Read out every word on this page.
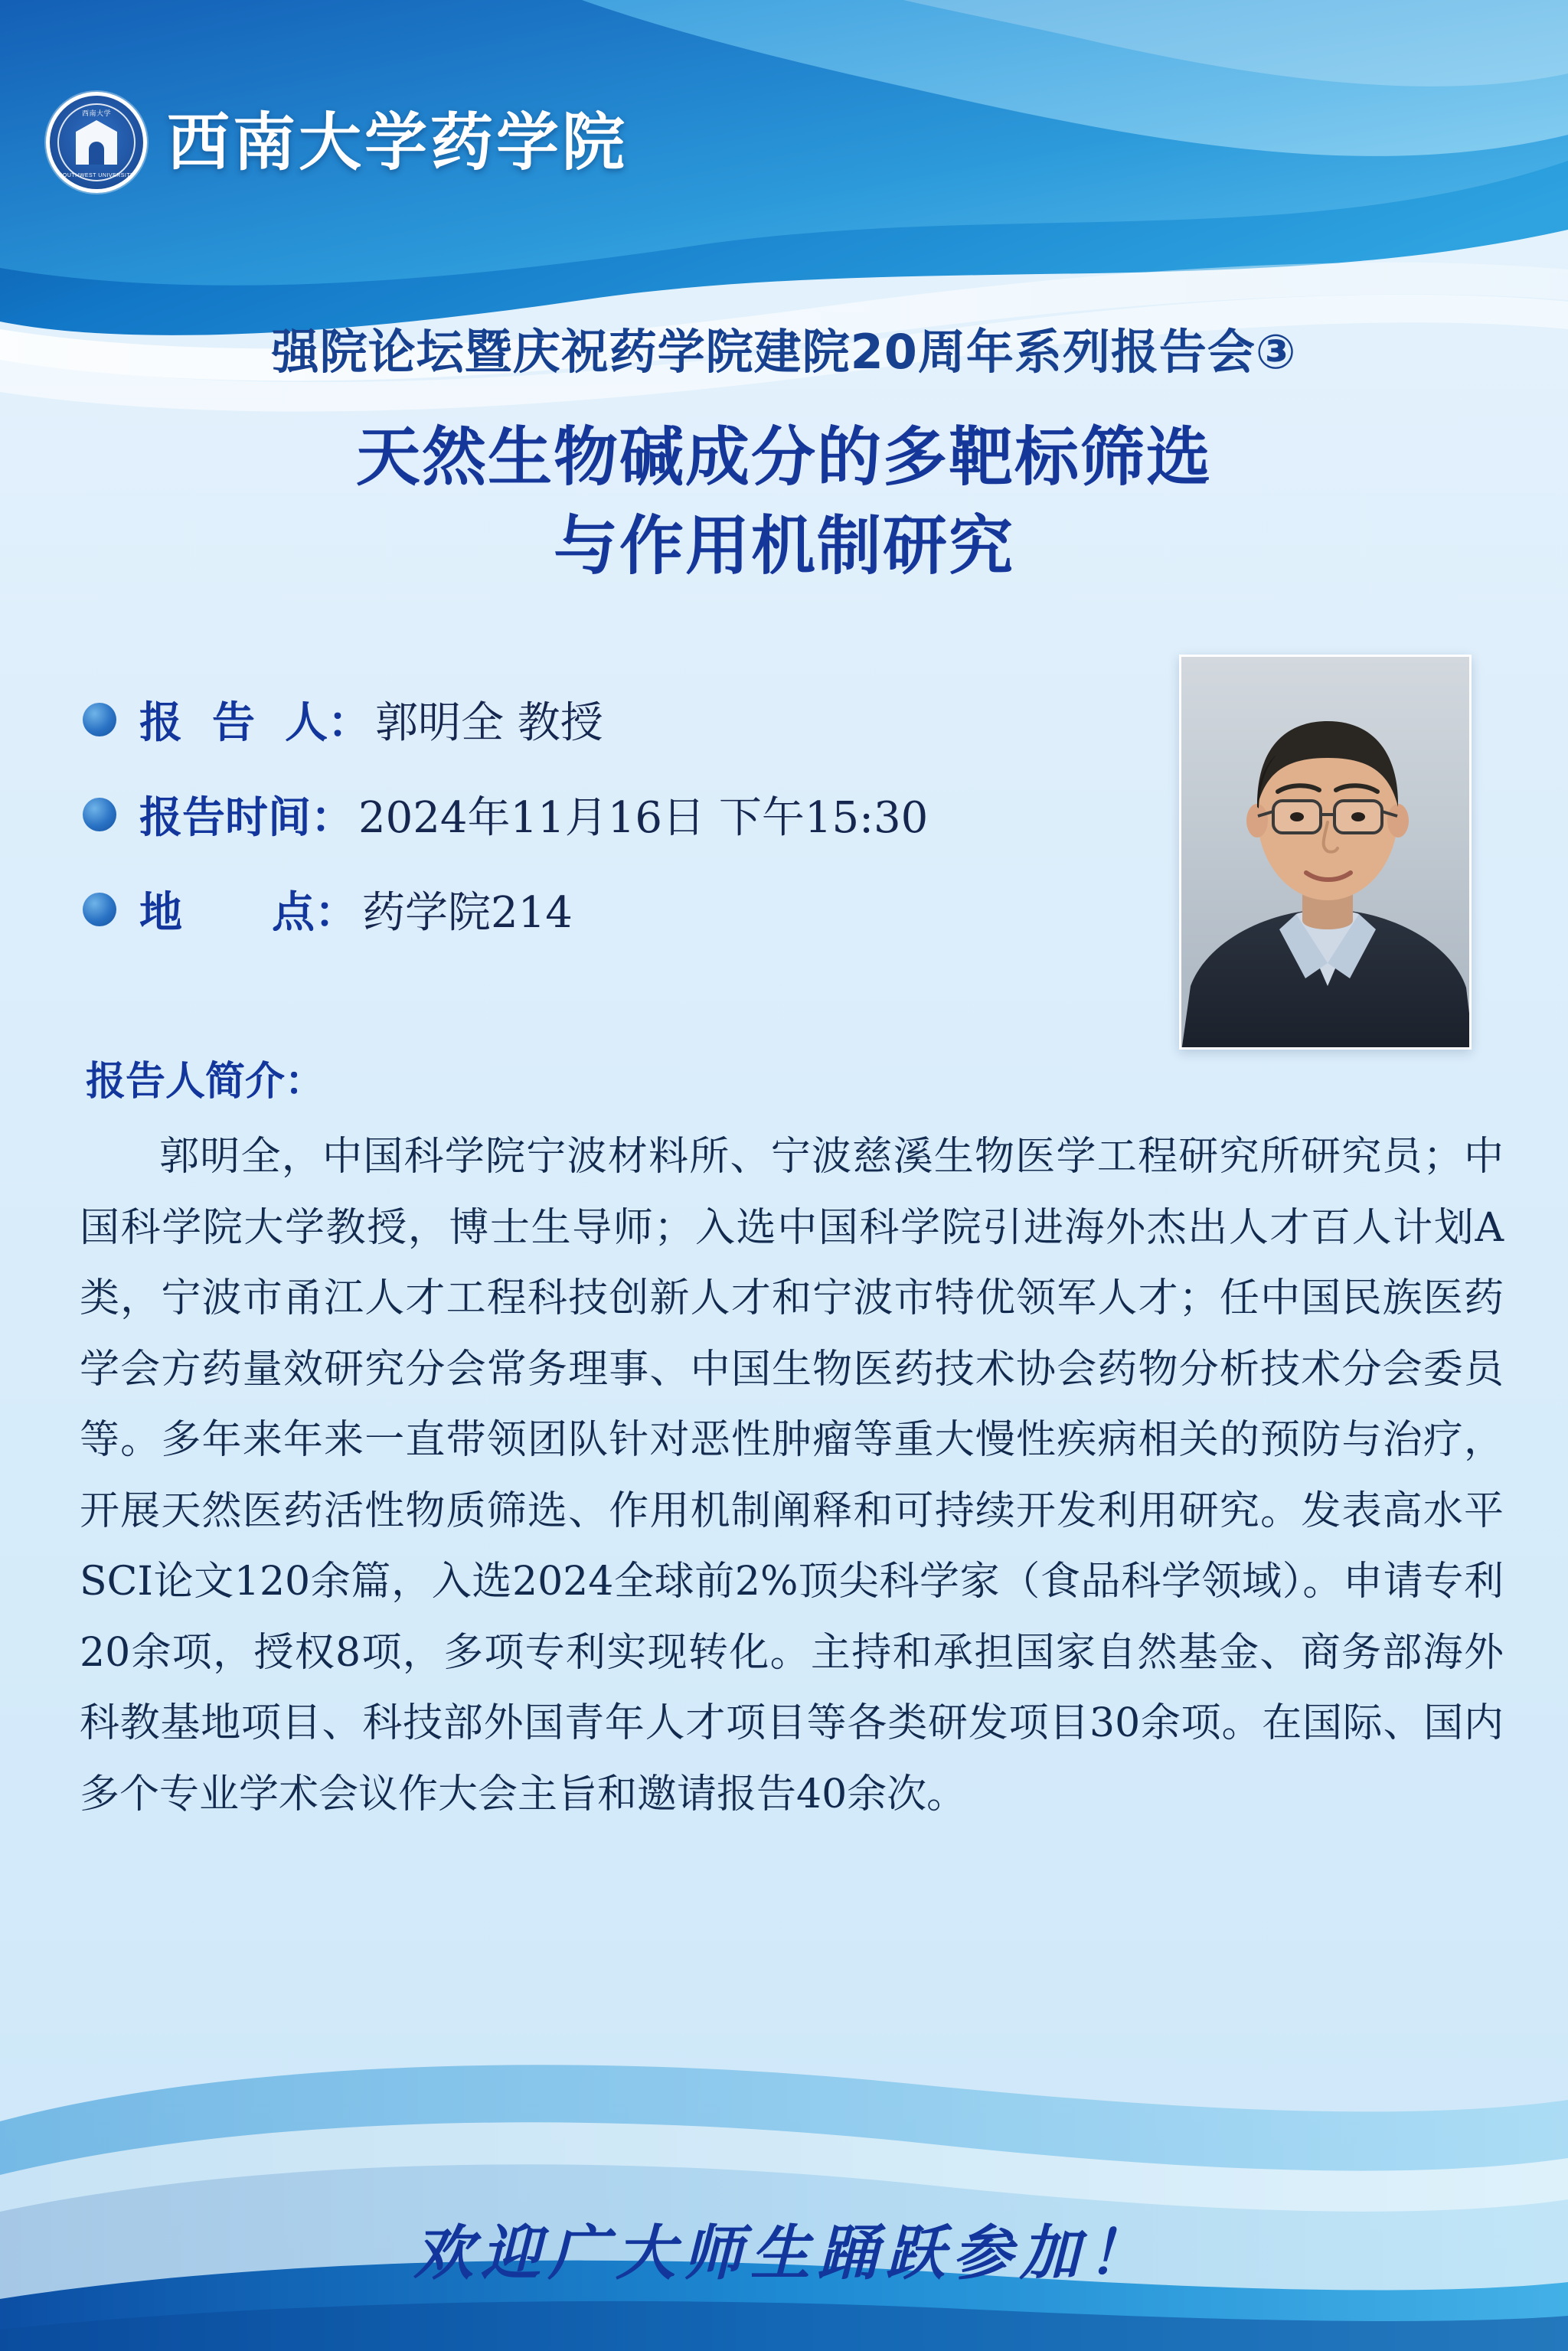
西南大学
SOUTHWEST UNIVERSITY 西南大学药学院
强院论坛暨庆祝药学院建院20周年系列报告会③
天然生物碱成分的多靶标筛选
与作用机制研究
报  告  人： 郭明全 教授
报告时间： 2024年11月16日 下午15:30
地      点： 药学院214
报告人简介：
郭明全，中国科学院宁波材料所、宁波慈溪生物医学工程研究所研究员；中国科学院大学教授，博士生导师；入选中国科学院引进海外杰出人才百人计划A类，宁波市甬江人才工程科技创新人才和宁波市特优领军人才；任中国民族医药学会方药量效研究分会常务理事、中国生物医药技术协会药物分析技术分会委员等。多年来年来一直带领团队针对恶性肿瘤等重大慢性疾病相关的预防与治疗，开展天然医药活性物质筛选、作用机制阐释和可持续开发利用研究。发表高水平SCI论文120余篇，入选2024全球前2%顶尖科学家（食品科学领域）。申请专利20余项，授权8项，多项专利实现转化。主持和承担国家自然基金、商务部海外科教基地项目、科技部外国青年人才项目等各类研发项目30余项。在国际、国内多个专业学术会议作大会主旨和邀请报告40余次。
欢迎广大师生踊跃参加！
